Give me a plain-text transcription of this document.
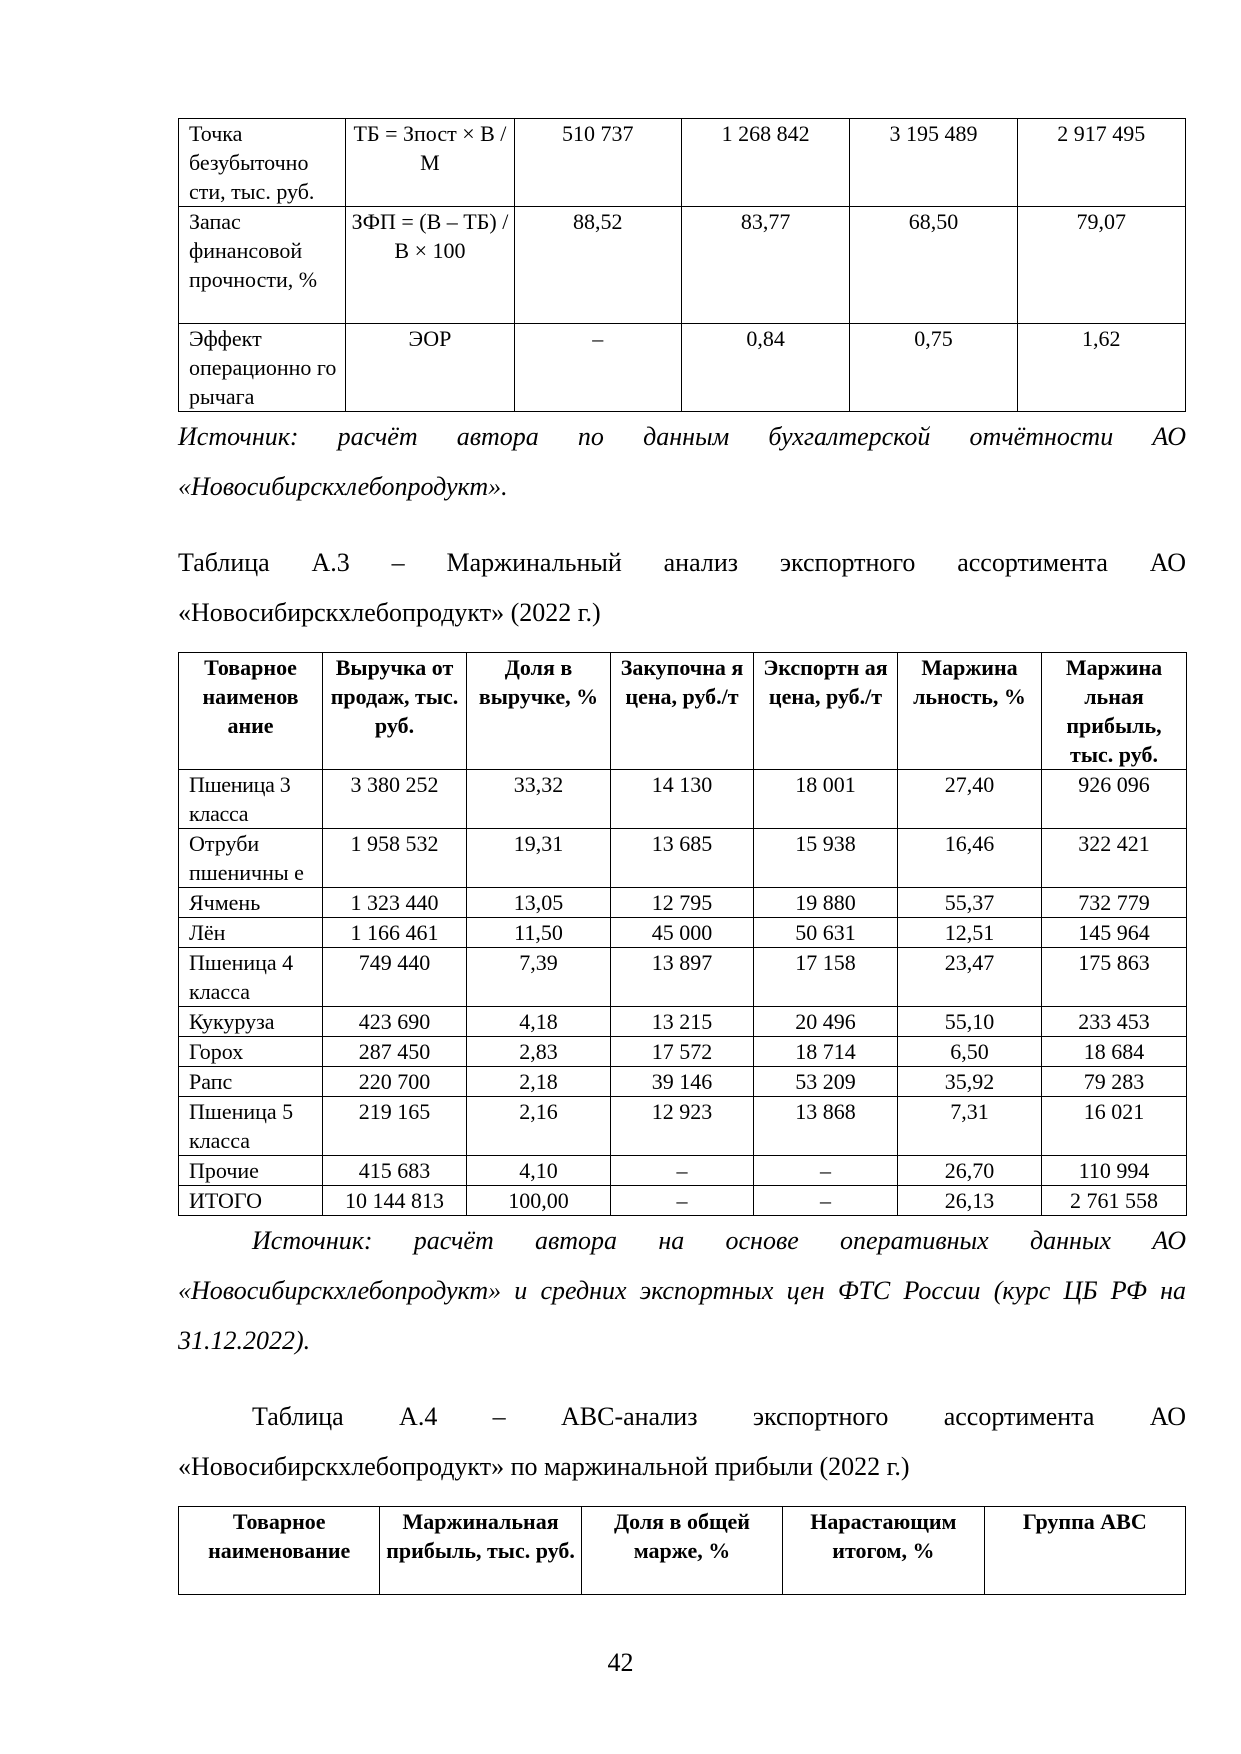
Точка безубыточно сти, тыс. руб.	ТБ = Зпост × В / М	510 737	1 268 842	3 195 489	2 917 495
Запас финансовой прочности, %	ЗФП = (В – ТБ) / В × 100	88,52	83,77	68,50	79,07
Эффект операционно го рычага	ЭОР	–	0,84	0,75	1,62

Источник: расчёт автора по данным бухгалтерской отчётности АО «Новосибирскхлебопродукт».

Таблица А.3 – Маржинальный анализ экспортного ассортимента АО «Новосибирскхлебопродукт» (2022 г.)

Товарное наименов ание	Выручка от продаж, тыс. руб.	Доля в выручке, %	Закупочна я цена, руб./т	Экспортн ая цена, руб./т	Маржина льность, %	Маржина льная прибыль, тыс. руб.
Пшеница 3 класса	3 380 252	33,32	14 130	18 001	27,40	926 096
Отруби пшеничны е	1 958 532	19,31	13 685	15 938	16,46	322 421
Ячмень	1 323 440	13,05	12 795	19 880	55,37	732 779
Лён	1 166 461	11,50	45 000	50 631	12,51	145 964
Пшеница 4 класса	749 440	7,39	13 897	17 158	23,47	175 863
Кукуруза	423 690	4,18	13 215	20 496	55,10	233 453
Горох	287 450	2,83	17 572	18 714	6,50	18 684
Рапс	220 700	2,18	39 146	53 209	35,92	79 283
Пшеница 5 класса	219 165	2,16	12 923	13 868	7,31	16 021
Прочие	415 683	4,10	–	–	26,70	110 994
ИТОГО	10 144 813	100,00	–	–	26,13	2 761 558

Источник: расчёт автора на основе оперативных данных АО «Новосибирскхлебопродукт» и средних экспортных цен ФТС России (курс ЦБ РФ на 31.12.2022).

Таблица А.4 – ABC-анализ экспортного ассортимента АО «Новосибирскхлебопродукт» по маржинальной прибыли (2022 г.)

Товарное наименование	Маржинальная прибыль, тыс. руб.	Доля в общей марже, %	Нарастающим итогом, %	Группа ABC
42
